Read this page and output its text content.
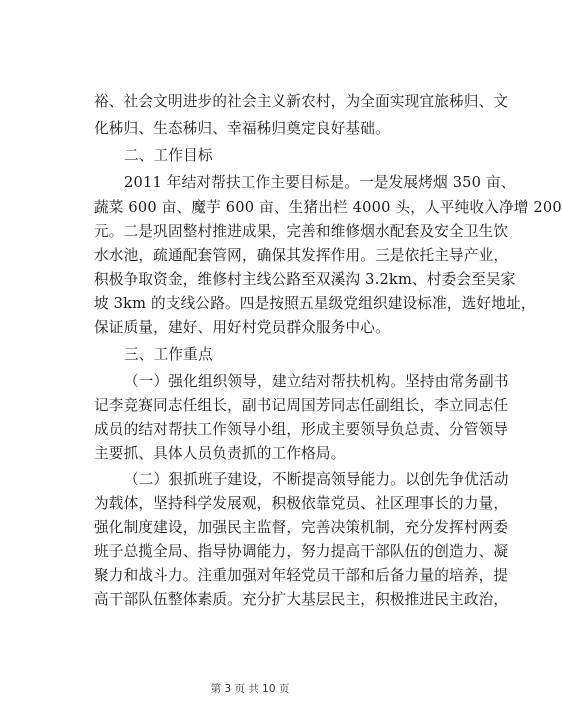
裕、社会文明进步的社会主义新农村，为全面实现宜旅秭归、文
化秭归、生态秭归、幸福秭归奠定良好基础。
二、工作目标
2011 年结对帮扶工作主要目标是。一是发展烤烟 350 亩、
蔬菜 600 亩、魔芋 600 亩、生猪出栏 4000 头，人平纯收入净增 200
元。二是巩固整村推进成果，完善和维修烟水配套及安全卫生饮
水水池，疏通配套管网，确保其发挥作用。三是依托主导产业，
积极争取资金，维修村主线公路至双溪沟 3.2km、村委会至吴家
坡 3km 的支线公路。四是按照五星级党组织建设标准，选好地址，
保证质量，建好、用好村党员群众服务中心。
三、工作重点
（一）强化组织领导，建立结对帮扶机构。坚持由常务副书
记李竞赛同志任组长，副书记周国芳同志任副组长，李立同志任
成员的结对帮扶工作领导小组，形成主要领导负总责、分管领导
主要抓、具体人员负责抓的工作格局。
（二）狠抓班子建设，不断提高领导能力。以创先争优活动
为载体，坚持科学发展观，积极依靠党员、社区理事长的力量，
强化制度建设，加强民主监督，完善决策机制，充分发挥村两委
班子总揽全局、指导协调能力，努力提高干部队伍的创造力、凝
聚力和战斗力。注重加强对年轻党员干部和后备力量的培养，提
高干部队伍整体素质。充分扩大基层民主，积极推进民主政治，
第 3 页 共 10 页
